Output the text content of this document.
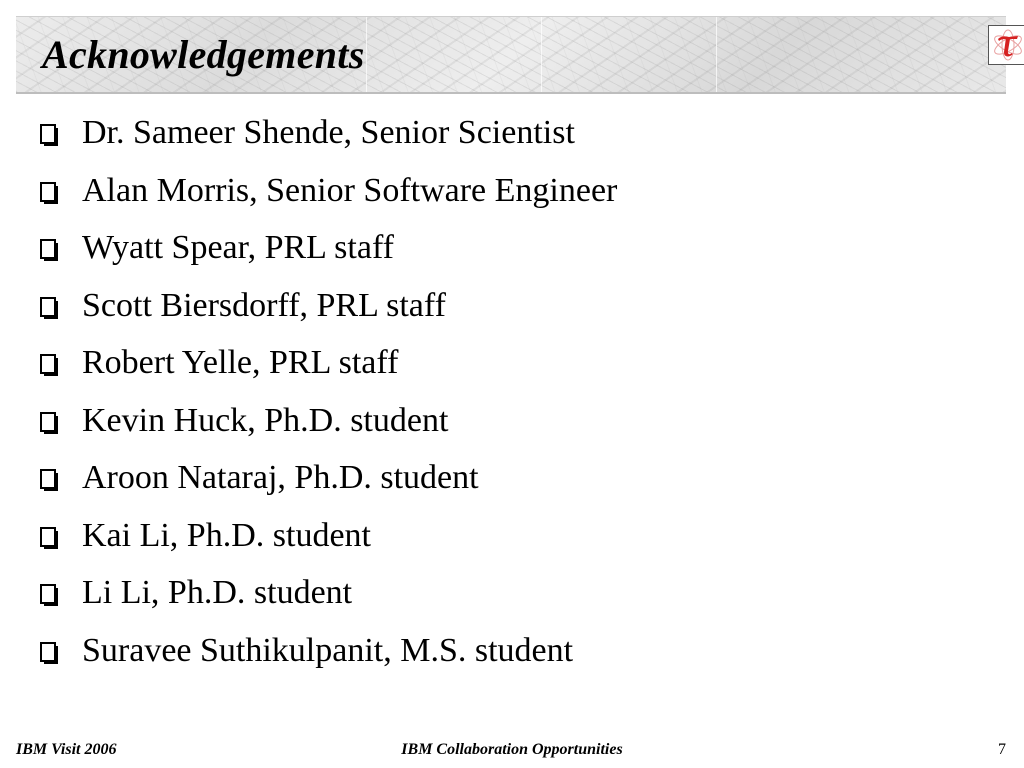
Acknowledgements
Dr. Sameer Shende, Senior Scientist
Alan Morris, Senior Software Engineer
Wyatt Spear, PRL staff
Scott Biersdorff, PRL staff
Robert Yelle, PRL staff
Kevin Huck, Ph.D. student
Aroon Nataraj, Ph.D. student
Kai Li, Ph.D. student
Li Li, Ph.D. student
Suravee Suthikulpanit, M.S. student
IBM Collaboration Opportunities
IBM Visit 2006	7
